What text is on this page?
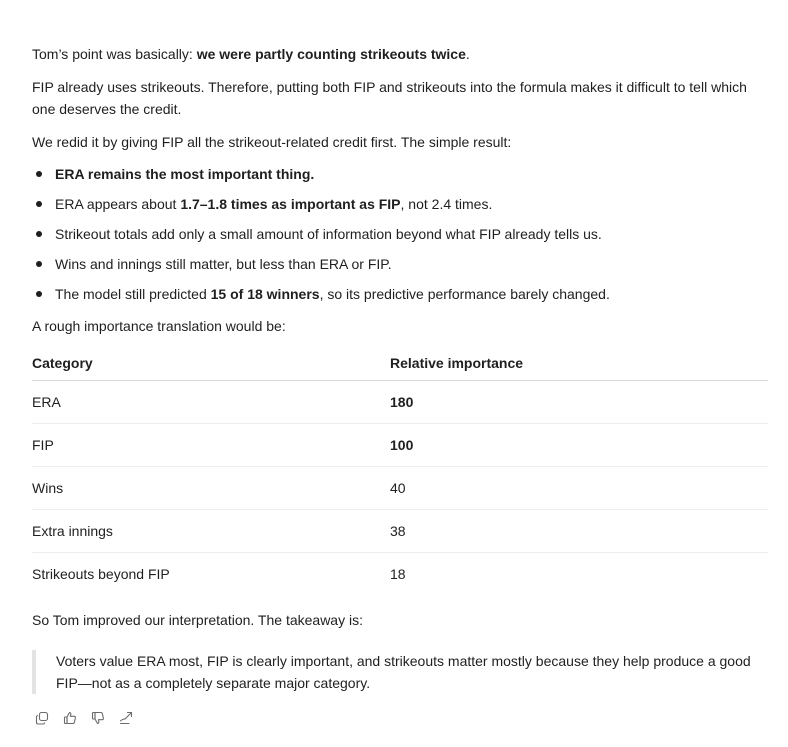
Tom’s point was basically: we were partly counting strikeouts twice.

FIP already uses strikeouts. Therefore, putting both FIP and strikeouts into the formula makes it difficult to tell which one deserves the credit.

We redid it by giving FIP all the strikeout-related credit first. The simple result:

ERA remains the most important thing.
ERA appears about 1.7–1.8 times as important as FIP, not 2.4 times.
Strikeout totals add only a small amount of information beyond what FIP already tells us.
Wins and innings still matter, but less than ERA or FIP.
The model still predicted 15 of 18 winners, so its predictive performance barely changed.

A rough importance translation would be:

Category	Relative importance
ERA	180
FIP	100
Wins	40
Extra innings	38
Strikeouts beyond FIP	18

So Tom improved our interpretation. The takeaway is:

Voters value ERA most, FIP is clearly important, and strikeouts matter mostly because they help produce a good FIP—not as a completely separate major category.
